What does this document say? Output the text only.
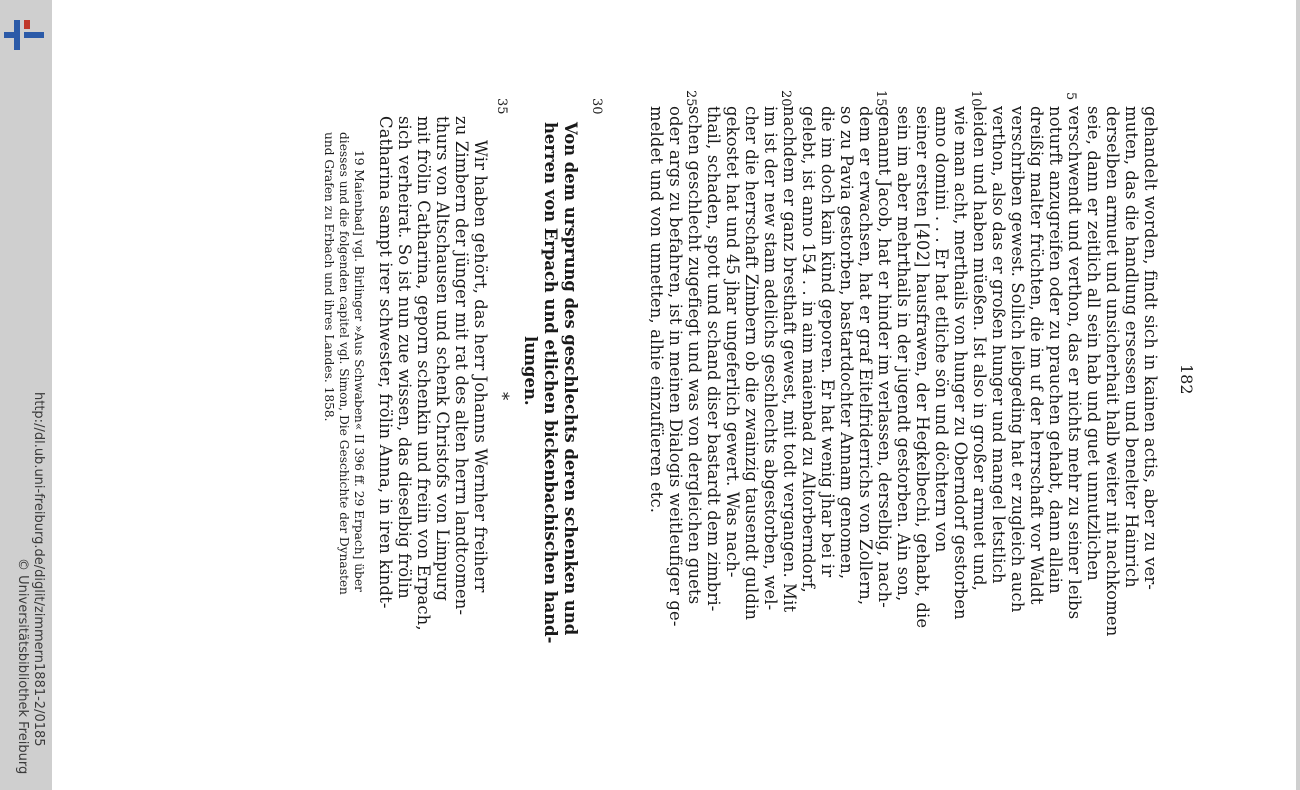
http://dl.ub.uni-freiburg.de/diglit/zimmern1881-2/0185
© Universitätsbibliothek Freiburg
182
gehandelt worden, findt sich in kainen actis, aber zu ver-
muten, das die handlung ersessen und benelter Hainrich
derselben armuet und unsicherhait halb weiter nit nachkomen
seie, dann er zeitlich all sein hab und guet unnutzlichen
verschwendt und verthon, das er nichts mehr zu seiner leibs
noturft anzugreifen oder zu prauchen gehabt, dann allain
dreißig malter früchten, die im uf der herrschaft vor Waldt
verschriben gewest. Sollich leibgeding hat er zugleich auch
verthon, also das er großen hunger und mangel letstlich
leiden und haben müeßen. Ist also in großer armuet und,
wie man acht, merthails von hunger zu Oberndorf gestorben
anno domini . . . Er hat etliche sön und döchtern von
seiner ersten [402] hausfrawen, der Hegkelbechi, gehabt, die
sein im aber mehrthails in der jugendt gestorben. Ain son,
genannt Jacob, hat er hinder im verlassen, derselbig, nach-
dem er erwachsen, hat er graf Eitelfriderrichs von Zollern,
so zu Pavia gestorben, bastartdochter Annam genomen,
die im doch kain künd geporen. Er hat wenig jhar bei ir
gelebt, ist anno 154 . . in aim maienbad zu Altorberndorf,
nachdem er ganz bresthaft gewest, mit todt vergangen. Mit
im ist der new stam adelichs geschlechts abgestorben, wel-
cher die herrschaft Zimbern ob die zwainzig tausendt guldin
gekostet hat und 45 jhar ungeferlich gewert. Was nach-
thail, schaden, spott und schand diser bastardt dem zimbri-
schen geschlecht zugefiegt und was von dergleichen guets
oder args zu befahren, ist in meinen Dialogis weitleufiger ge-
meldet und von unnetten, alhie einzufüeren etc.
5
10
15
20
25
30
35
Von dem ursprung des geschlechts deren schenken und
herren von Erpach und etlichen bickenbachischen hand-
lungen.
*
Wir haben gehört, das herr Johanns Wernher freiherr
zu Zimbern der jünger mit rat des alten herrn landtcomen-
thurs von Altschausen und schenk Christofs von Limpurg
mit frölin Catharina, geporn schenkin und freiin von Erpach,
sich verheirat. So ist nun zue wissen, das dieselbig frölin
Catharina sampt irer schwester, frölin Anna, in iren kindt-
19 Maienbad] vgl. Birlinger »Aus Schwaben« II 396 ff. 29 Erpach] über
diesses und die folgenden capitel vgl. Simon, Die Geschichte der Dynasten
und Grafen zu Erbach und ihres Landes. 1858.
